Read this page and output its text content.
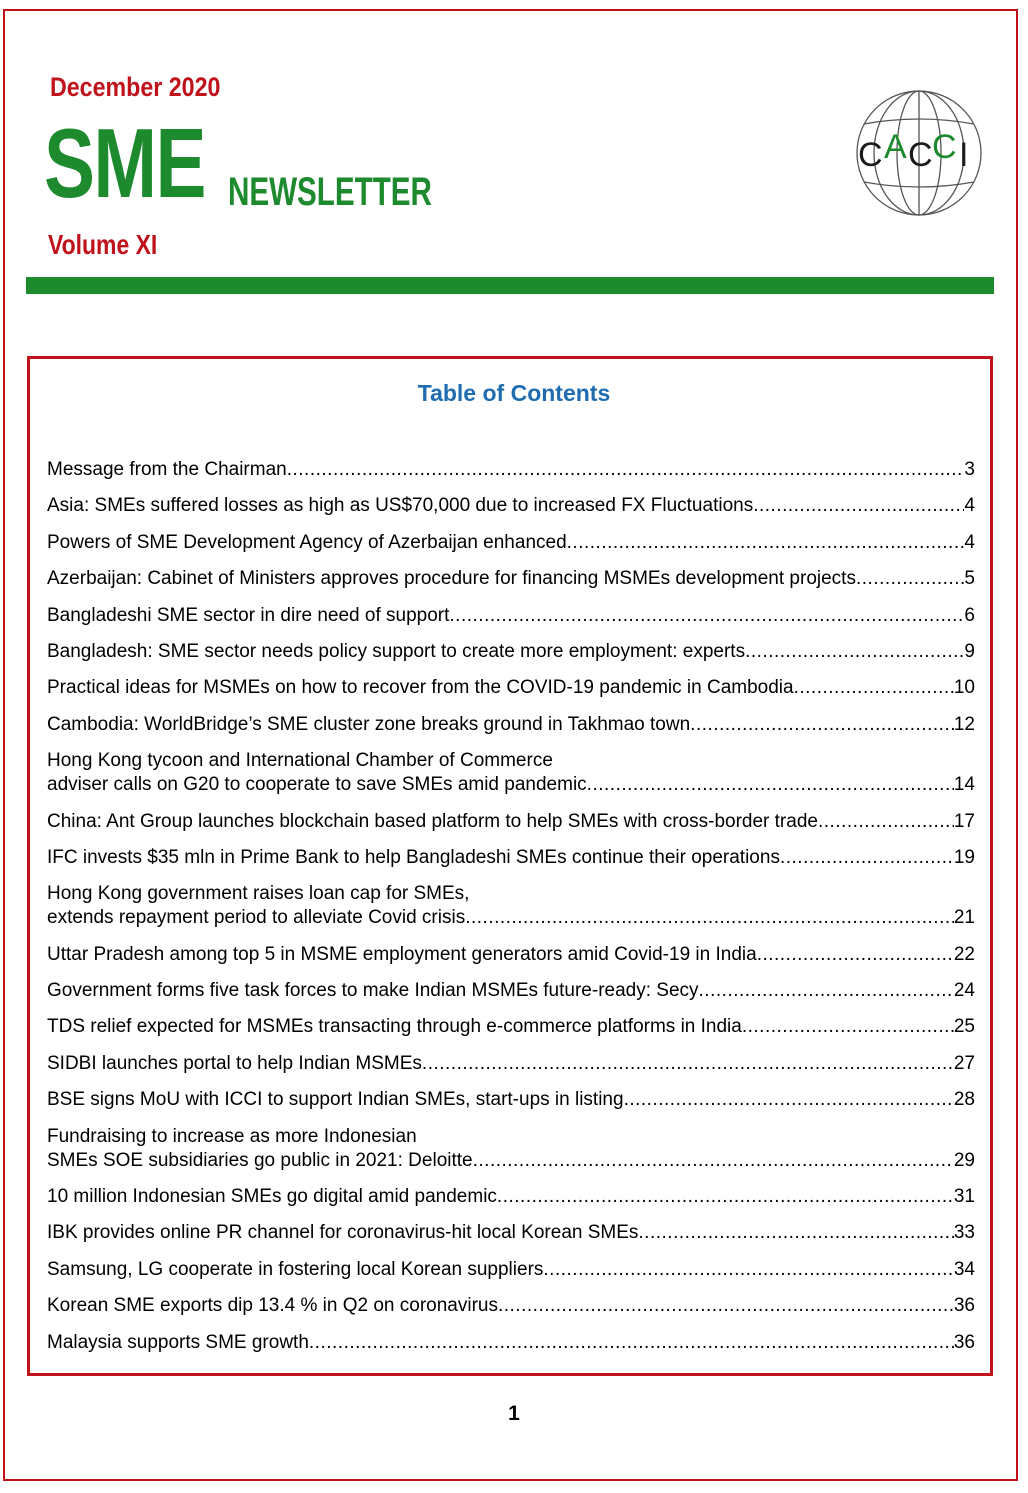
December 2020
SME NEWSLETTER
Volume XI
C A C C I
Table of Contents
Message from the Chairman .....	3
Asia: SMEs suffered losses as high as US$70,000 due to increased FX Fluctuations .....	4
Powers of SME Development Agency of Azerbaijan enhanced .....	4
Azerbaijan: Cabinet of Ministers approves procedure for financing MSMEs development projects .....	5
Bangladeshi SME sector in dire need of support .....	6
Bangladesh: SME sector needs policy support to create more employment: experts .....	9
Practical ideas for MSMEs on how to recover from the COVID-19 pandemic in Cambodia .....	10
Cambodia: WorldBridge’s SME cluster zone breaks ground in Takhmao town .....	12
Hong Kong tycoon and International Chamber of Commerce
adviser calls on G20 to cooperate to save SMEs amid pandemic .....	14
China: Ant Group launches blockchain based platform to help SMEs with cross-border trade .....	17
IFC invests $35 mln in Prime Bank to help Bangladeshi SMEs continue their operations .....	19
Hong Kong government raises loan cap for SMEs,
extends repayment period to alleviate Covid crisis .....	21
Uttar Pradesh among top 5 in MSME employment generators amid Covid-19 in India .....	22
Government forms five task forces to make Indian MSMEs future-ready: Secy .....	24
TDS relief expected for MSMEs transacting through e-commerce platforms in India .....	25
SIDBI launches portal to help Indian MSMEs .....	27
BSE signs MoU with ICCI to support Indian SMEs, start-ups in listing .....	28
Fundraising to increase as more Indonesian
SMEs SOE subsidiaries go public in 2021: Deloitte .....	29
10 million Indonesian SMEs go digital amid pandemic .....	31
IBK provides online PR channel for coronavirus-hit local Korean SMEs .....	33
Samsung, LG cooperate in fostering local Korean suppliers .....	34
Korean SME exports dip 13.4 % in Q2 on coronavirus .....	36
Malaysia supports SME growth .....	36
1
